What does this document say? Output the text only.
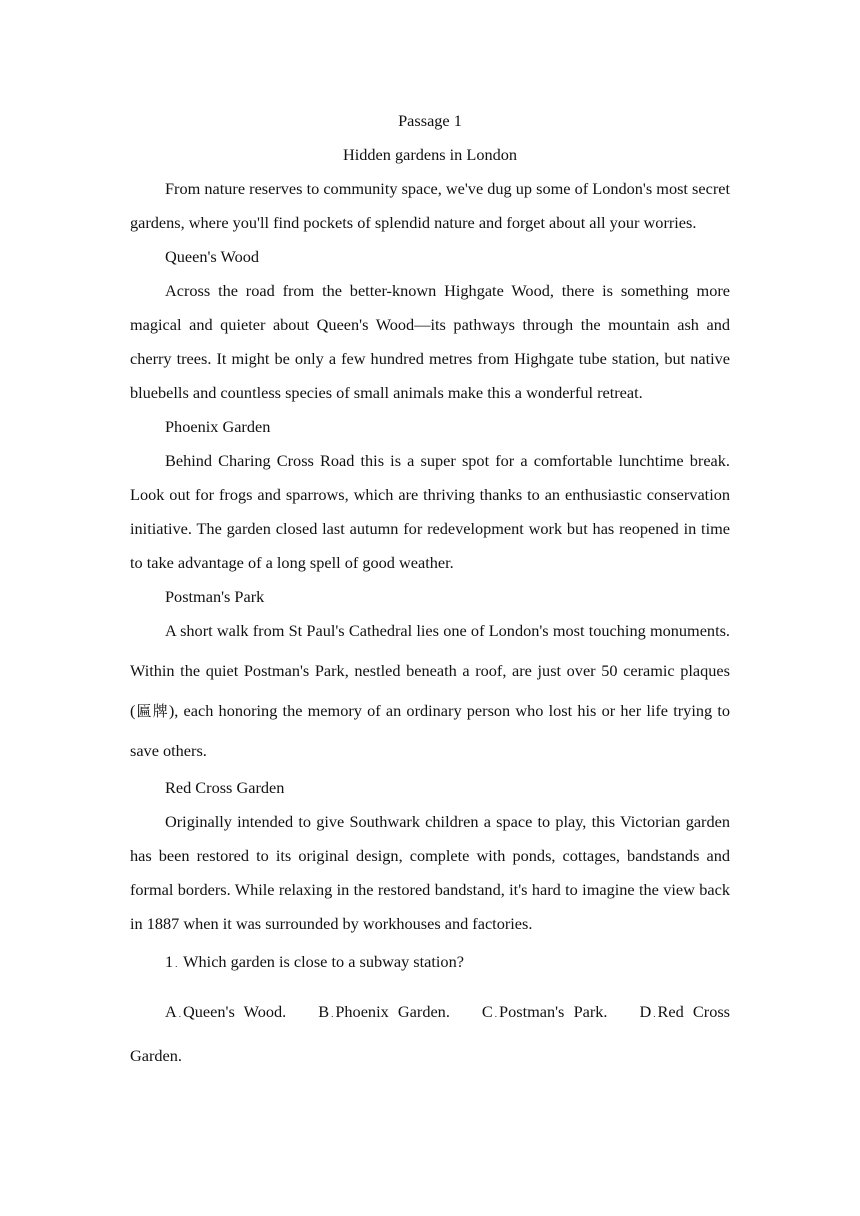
Passage 1

Hidden gardens in London

From nature reserves to community space, we've dug up some of London's most secret gardens, where you'll find pockets of splendid nature and forget about all your worries.

Queen's Wood

Across the road from the better-known Highgate Wood, there is something more magical and quieter about Queen's Wood—its pathways through the mountain ash and cherry trees. It might be only a few hundred metres from Highgate tube station, but native bluebells and countless species of small animals make this a wonderful retreat.

Phoenix Garden

Behind Charing Cross Road this is a super spot for a comfortable lunchtime break. Look out for frogs and sparrows, which are thriving thanks to an enthusiastic conservation initiative. The garden closed last autumn for redevelopment work but has reopened in time to take advantage of a long spell of good weather.

Postman's Park

A short walk from St Paul's Cathedral lies one of London's most touching monuments. Within the quiet Postman's Park, nestled beneath a roof, are just over 50 ceramic plaques (匾牌), each honoring the memory of an ordinary person who lost his or her life trying to save others.

Red Cross Garden

Originally intended to give Southwark children a space to play, this Victorian garden has been restored to its original design, complete with ponds, cottages, bandstands and formal borders. While relaxing in the restored bandstand, it's hard to imagine the view back in 1887 when it was surrounded by workhouses and factories.

1 . Which garden is close to a subway station?

A . Queen's Wood. B . Phoenix Garden. C . Postman's Park. D . Red Cross Garden.
